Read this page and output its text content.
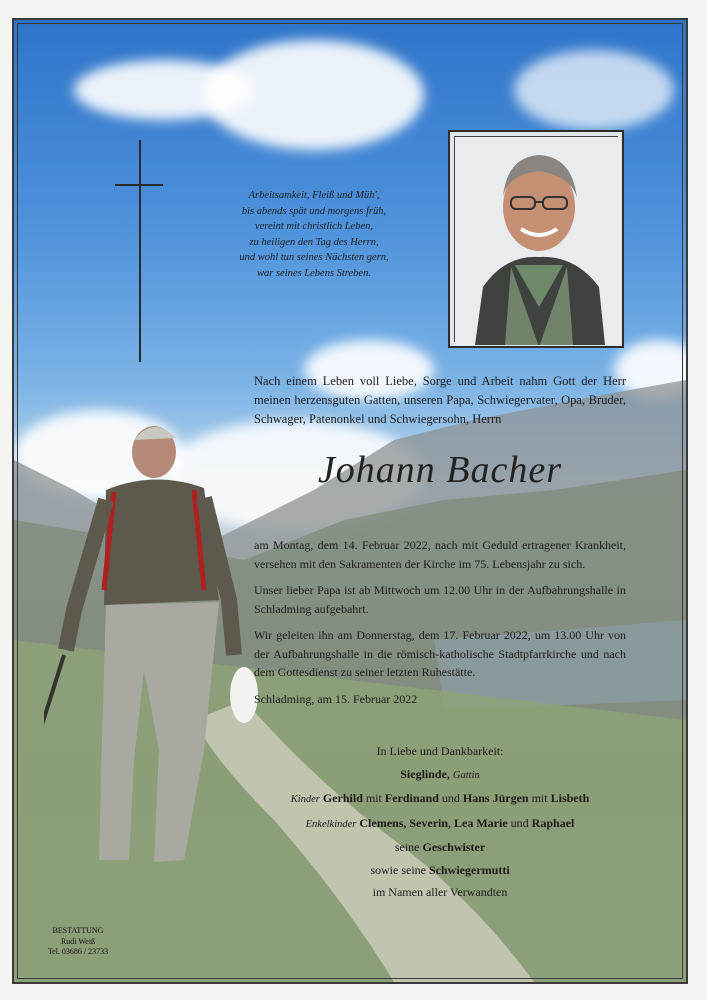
Arbeitsamkeit, Fleiß und Müh',
bis abends spät und morgens früh,
vereint mit christlich Leben,
zu heiligen den Tag des Herrn,
und wohl tun seines Nächsten gern,
war seines Lebens Streben.
Nach einem Leben voll Liebe, Sorge und Arbeit nahm Gott der Herr meinen herzensguten Gatten, unseren Papa, Schwiegervater, Opa, Bruder, Schwager, Patenonkel und Schwiegersohn, Herrn
Johann Bacher

am Montag, dem 14. Februar 2022, nach mit Geduld ertragener Krankheit, versehen mit den Sakramenten der Kirche im 75. Lebensjahr zu sich.

Unser lieber Papa ist ab Mittwoch um 12.00 Uhr in der Aufbahrungshalle in Schladming aufgebahrt.

Wir geleiten ihn am Donnerstag, dem 17. Februar 2022, um 13.00 Uhr von der Aufbahrungshalle in die römisch-katholische Stadtpfarrkirche und nach dem Gottesdienst zu seiner letzten Ruhestätte.

Schladming, am 15. Februar 2022

In Liebe und Dankbarkeit:
Sieglinde, Gattin
Kinder Gerhild mit Ferdinand und Hans Jürgen mit Lisbeth
Enkelkinder Clemens, Severin, Lea Marie und Raphael
seine Geschwister
sowie seine Schwiegermutti
im Namen aller Verwandten
BESTATTUNG
Rudi Weiß
Tel. 03686 / 23733
